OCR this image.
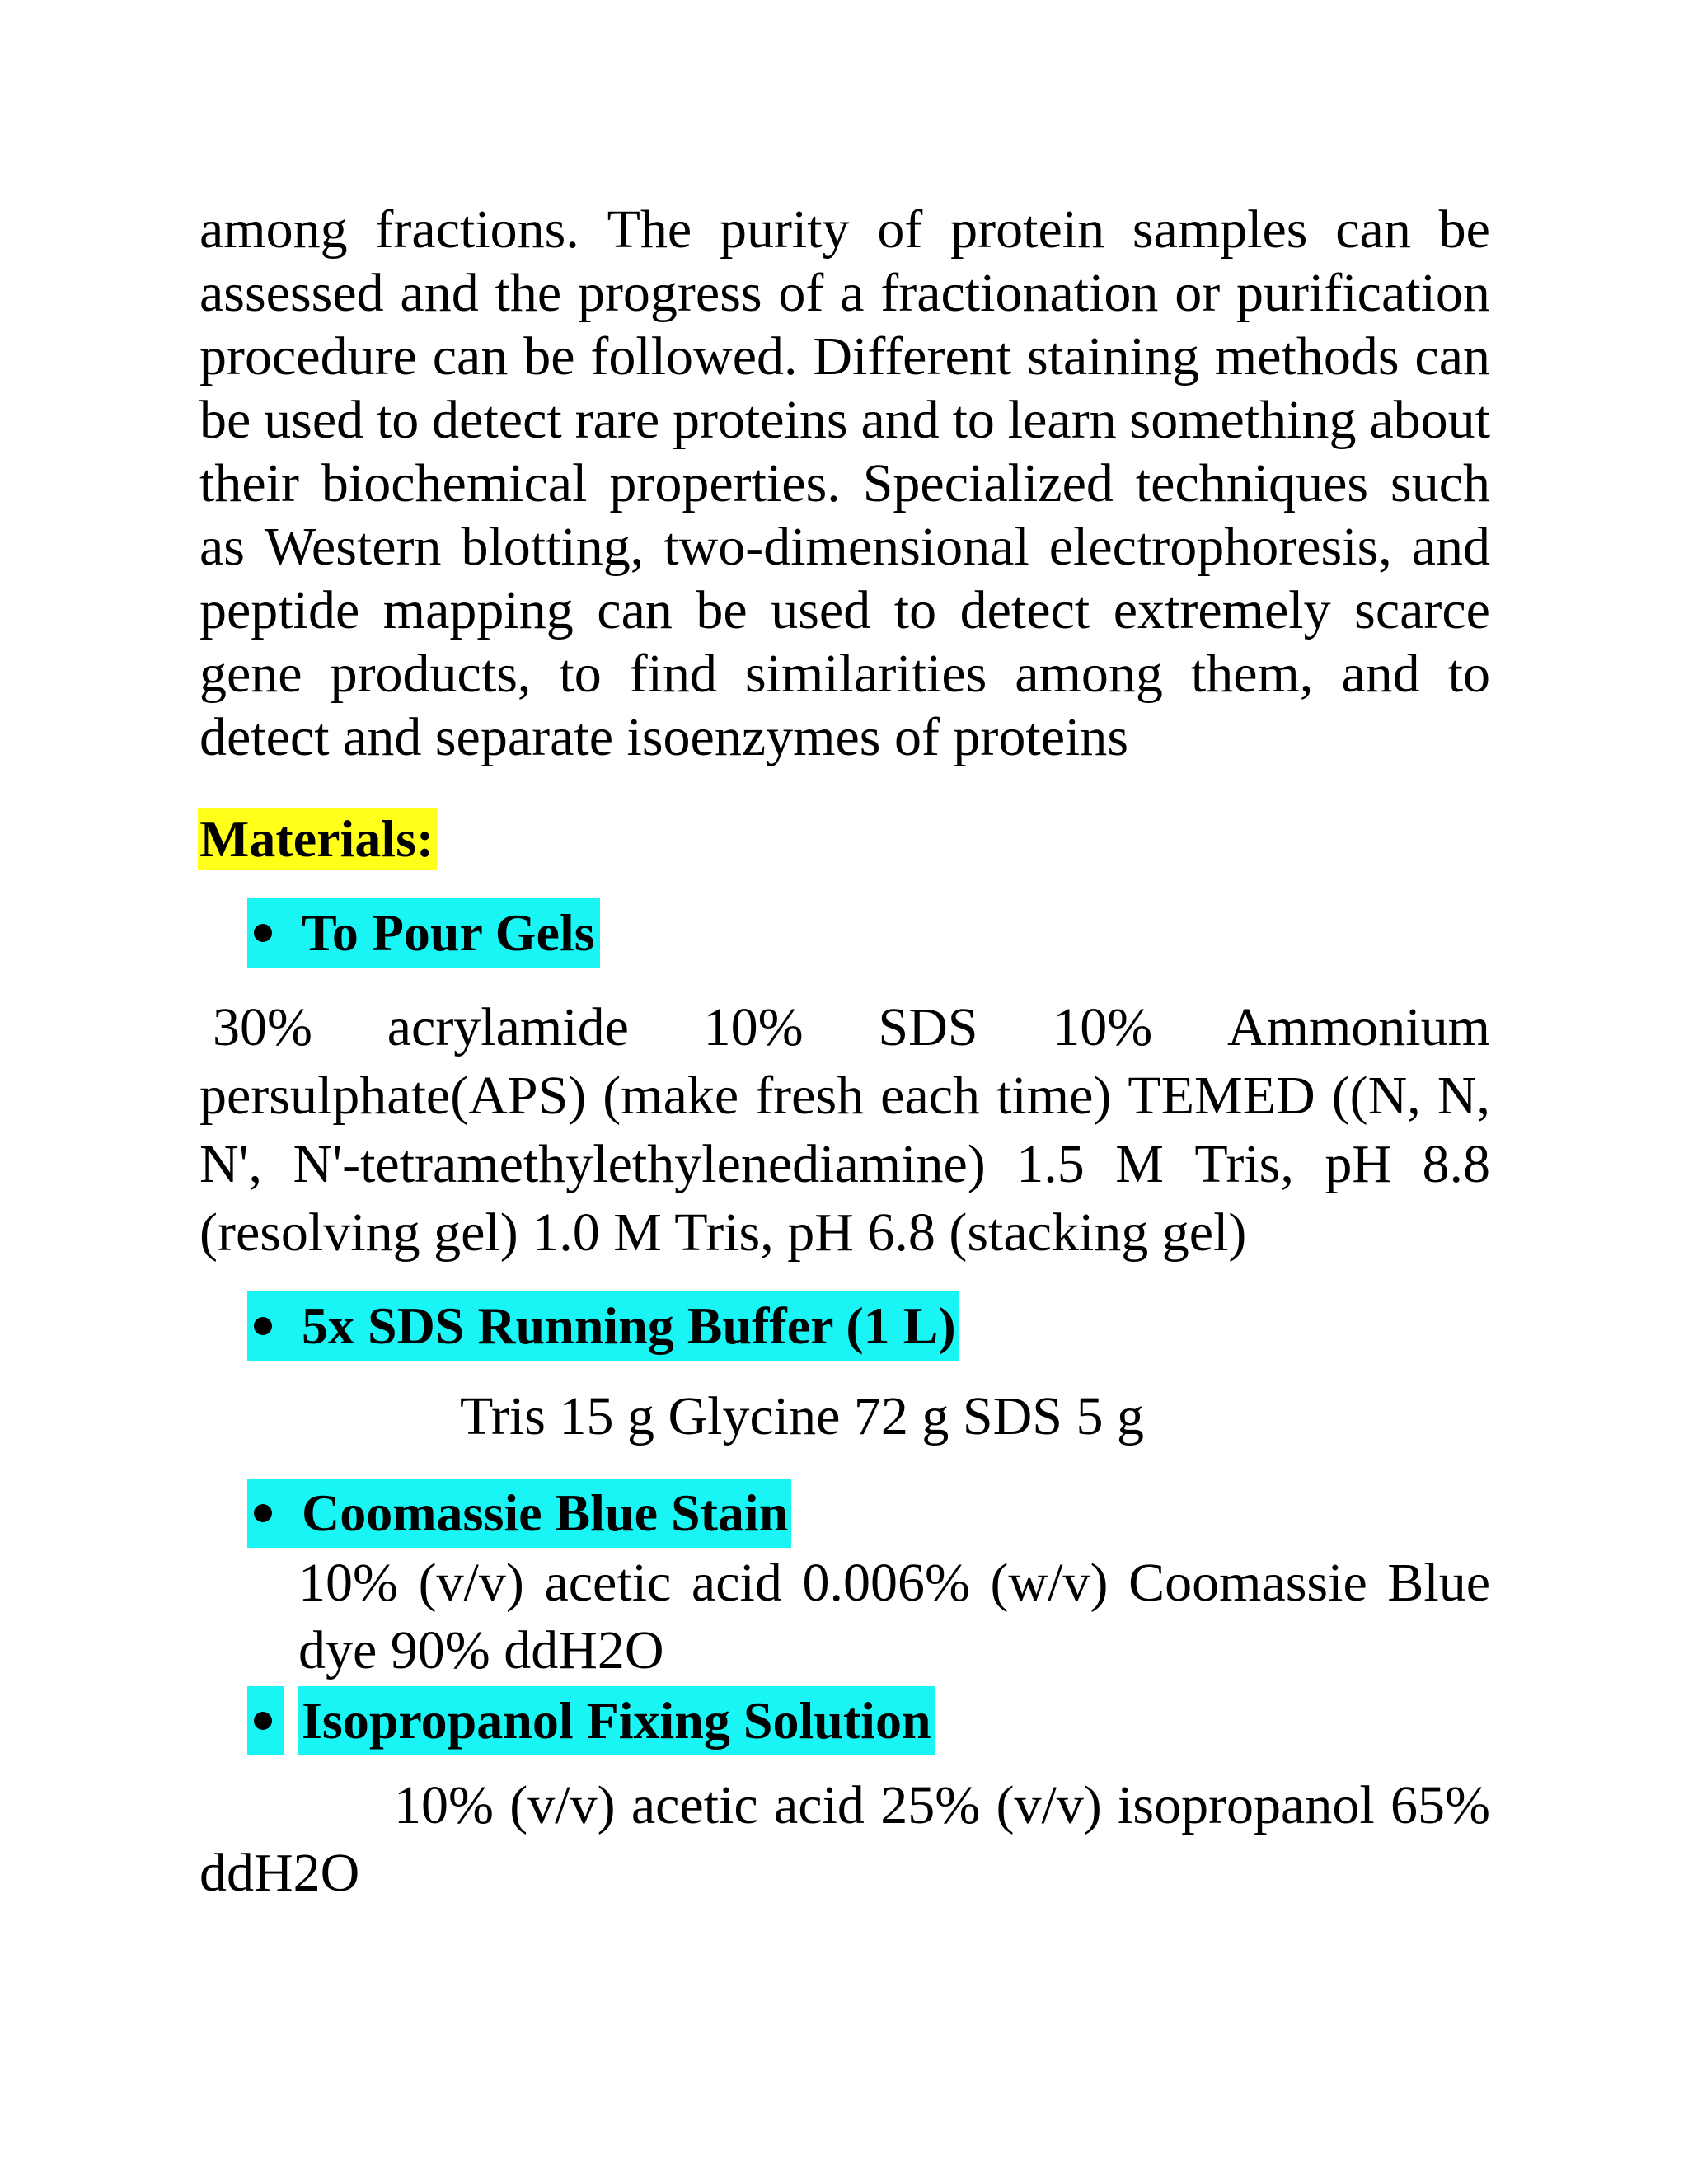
among fractions. The purity of protein samples can be
assessed and the progress of a fractionation or purification
procedure can be followed. Different staining methods can
be used to detect rare proteins and to learn something about
their biochemical properties. Specialized techniques such
as Western blotting, two-dimensional electrophoresis, and
peptide mapping can be used to detect extremely scarce
gene products, to find similarities among them, and to
detect and separate isoenzymes of proteins
Materials:
To Pour Gels
30% acrylamide 10% SDS 10% Ammonium
persulphate(APS) (make fresh each time) TEMED ((N, N,
N', N'-tetramethylethylenediamine) 1.5 M Tris, pH 8.8
(resolving gel) 1.0 M Tris, pH 6.8 (stacking gel)
5x SDS Running Buffer (1 L)
Tris 15 g Glycine 72 g SDS 5 g
Coomassie Blue Stain
10% (v/v) acetic acid 0.006% (w/v) Coomassie Blue
dye 90% ddH2O
Isopropanol Fixing Solution
10% (v/v) acetic acid 25% (v/v) isopropanol 65%
ddH2O
